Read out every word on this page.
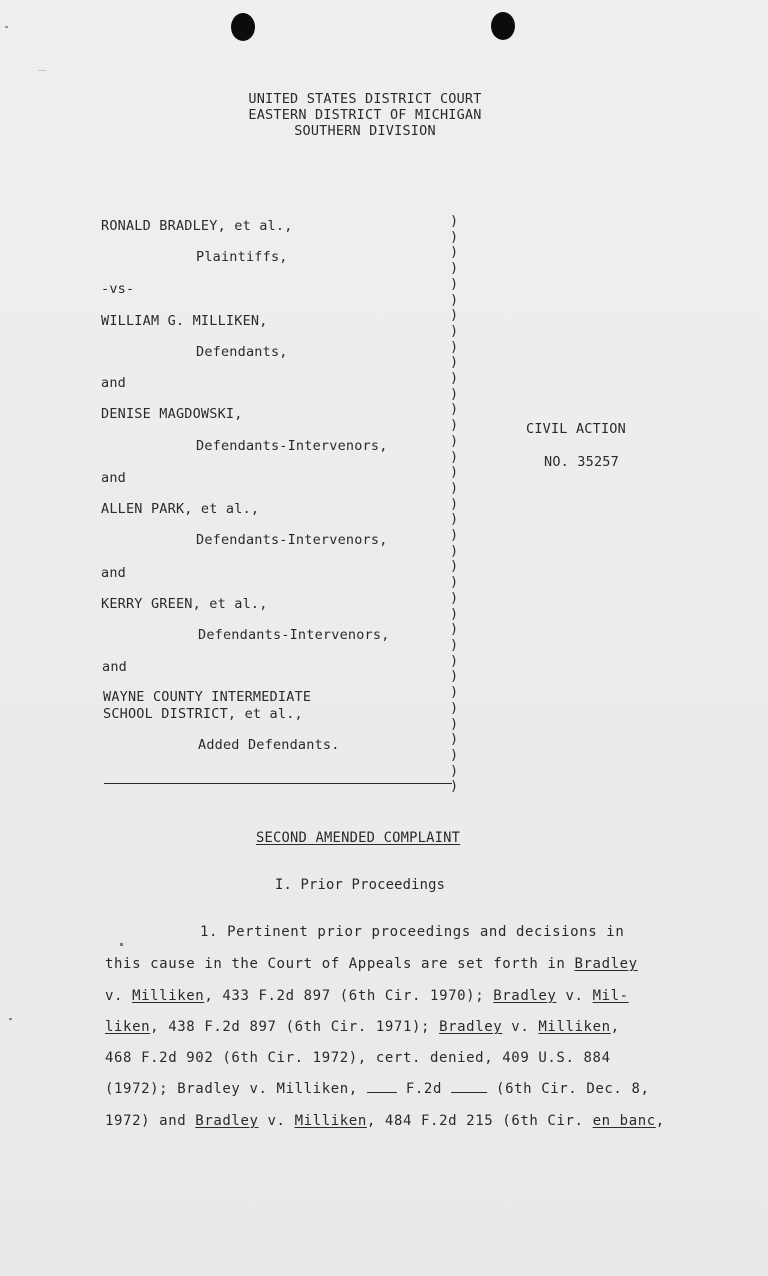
UNITED STATES DISTRICT COURT
EASTERN DISTRICT OF MICHIGAN
SOUTHERN DIVISION
RONALD BRADLEY, et al.,
Plaintiffs,
-vs-
WILLIAM G. MILLIKEN,
Defendants,
and
DENISE MAGDOWSKI,
Defendants-Intervenors,
and
ALLEN PARK, et al.,
Defendants-Intervenors,
and
KERRY GREEN, et al.,
Defendants-Intervenors,
and
WAYNE COUNTY INTERMEDIATE
SCHOOL DISTRICT, et al.,
Added Defendants.
)
)
)
)
)
)
)
)
)
)
)
)
)
)
)
)
)
)
)
)
)
)
)
)
)
)
)
)
)
)
)
)
)
)
)
)
)
CIVIL ACTION
NO. 35257
SECOND AMENDED COMPLAINT
I. Prior Proceedings
1. Pertinent prior proceedings and decisions in
this cause in the Court of Appeals are set forth in Bradley
v. Milliken, 433 F.2d 897 (6th Cir. 1970); Bradley v. Mil-
liken, 438 F.2d 897 (6th Cir. 1971); Bradley v. Milliken,
468 F.2d 902 (6th Cir. 1972), cert. denied, 409 U.S. 884
(1972); Bradley v. Milliken,  F.2d	(6th Cir. Dec. 8,
1972) and Bradley v. Milliken, 484 F.2d 215 (6th Cir. en banc,
